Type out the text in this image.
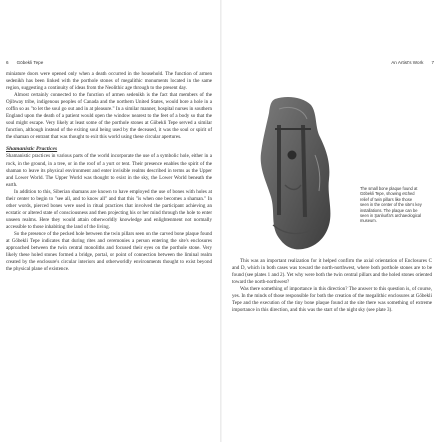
6 Göbekli Tepe

miniature doors were opened only when a death occurred in the household. The function of armen sedenikh has been linked with the porthole stones of megalithic monuments located in the same region, suggesting a continuity of ideas from the Neolithic age through to the present day.

Almost certainly connected to the function of armen sedenikh is the fact that members of the Ojibway tribe, indigenous peoples of Canada and the northern United States, would bore a hole in a coffin so as "to let the soul go out and in at pleasure." In a similar manner, hospital nurses in southern England upon the death of a patient would open the window nearest to the feet of a body so that the soul might escape. Very likely at least some of the porthole stones at Göbekli Tepe served a similar function, although instead of the exiting soul being used by the deceased, it was the soul or spirit of the shaman or entrant that was thought to exit this world using these circular apertures.

Shamanistic Practices

Shamanistic practices in various parts of the world incorporate the use of a symbolic hole, either in a rock, in the ground, in a tree, or in the roof of a yurt or tent. Their presence enables the spirit of the shaman to leave its physical environment and enter invisible realms described in terms as the Upper and Lower World. The Upper World was thought to exist in the sky, the Lower World beneath the earth.

In addition to this, Siberian shamans are known to have employed the use of bones with holes at their center to begin to "see all, and to know all" and that this "is when one becomes a shaman." In other words, pierced bones were used in ritual practices that involved the participant achieving an ecstatic or altered state of consciousness and then projecting his or her mind through the hole to enter unseen realms. Here they would attain otherworldly knowledge and enlightenment not normally accessible to those inhabiting the land of the living.

So the presence of the pecked hole between the twin pillars seen on the carved bone plaque found at Göbekli Tepe indicates that during rites and ceremonies a person entering the site's enclosures approached between the twin central monoliths and focused their eyes on the porthole stone. Very likely these holed stones formed a bridge, portal, or point of connection between the liminal realm created by the enclosure's circular interiors and otherworldly environments thought to exist beyond the physical plane of existence.

An Artist's Work 7

This was an important realization for it helped confirm the axial orientation of Enclosures C and D, which in both cases was toward the north-northwest, where both porthole stones are to be found (see plates 1 and 2). Yet why were both the twin central pillars and the holed stones oriented toward the north-northwest?

Was there something of importance in this direction? The answer to this question is, of course, yes. In the minds of those responsible for both the creation of the megalithic enclosures at Göbekli Tepe and the execution of the tiny bone plaque found at the site there was something of extreme importance in this direction, and this was the start of the night sky (see plate 3).

The small bone plaque found at Göbekli Tepe, showing etched relief of twin pillars like those seen in the center of the site's key installations. The plaque can be seen in Şanlıurfa's archaeological museum.
